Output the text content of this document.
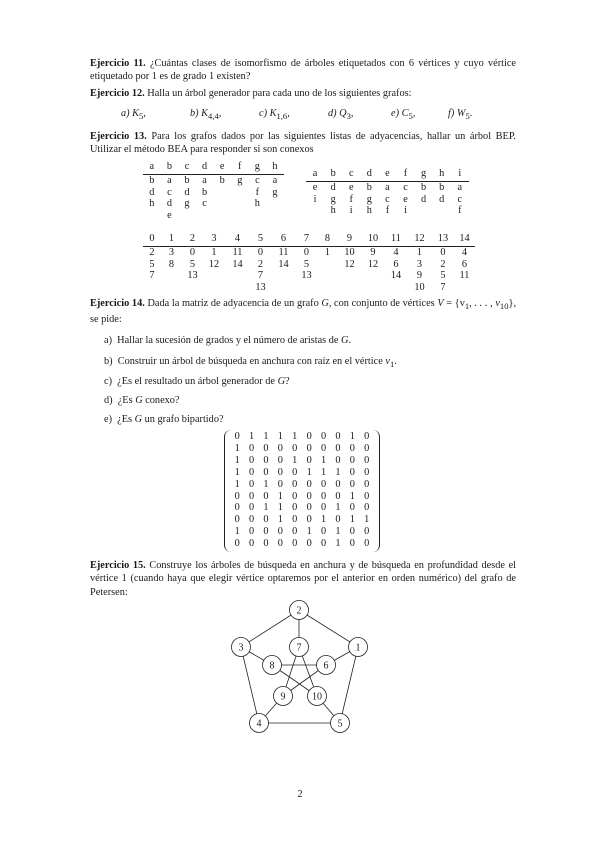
Ejercicio 11. ¿Cuántas clases de isomorfismo de árboles etiquetados con 6 vértices y cuyo vértice etiquetado por 1 es de grado 1 existen?
Ejercicio 12. Halla un árbol generador para cada uno de los siguientes grafos:
a) $K_5$,	b) $K_{4,4}$,	c) $K_{1,6}$,	d) $Q_3$,	e) $C_5$,	f) $W_5$.
Ejercicio 13. Para los grafos dados por las siguientes listas de adyacencias, hallar un árbol BEP. Utilizar el método BEA para responder si son conexos
a	b	c	d	e	f	g	h
b	a	b	a	b	g	c	a
d	c	d	b			f	g
h	d	g	c			h	
	e						
a	b	c	d	e	f	g	h	i
e	d	e	b	a	c	b	b	a
i	g	f	g	c	e	d	d	c
	h	i	h	f	i			f
0	1	2	3	4	5	6	7	8	9	10	11	12	13	14
2	3	0	1	11	0	11	0	1	10	9	4	1	0	4
5	8	5	12	14	2	14	5		12	12	6	3	2	6
7		13			7		13				14	9	5	11
					13							10	7	
Ejercicio 14. Dada la matriz de adyacencia de un grafo G, con conjunto de vértices $V = \{v_1$, . . . , $v_{10}$}, se pide:
a) Hallar la sucesión de grados y el número de aristas de G.
b) Construir un árbol de búsqueda en anchura con raíz en el vértice $v_1$.
c) ¿Es el resultado un árbol generador de G?
d) ¿Es G conexo?
e) ¿Es G un grafo bipartido?
0	1	1	1	1	0	0	0	1	0
1	0	0	0	0	0	0	0	0	0
1	0	0	0	1	0	1	0	0	0
1	0	0	0	0	1	1	1	0	0
1	0	1	0	0	0	0	0	0	0
0	0	0	1	0	0	0	0	1	0
0	0	1	1	0	0	0	1	0	0
0	0	0	1	0	0	1	0	1	1
1	0	0	0	0	1	0	1	0	0
0	0	0	0	0	0	0	1	0	0
Ejercicio 15. Construye los árboles de búsqueda en anchura y de búsqueda en profundidad desde el vértice 1 (cuando haya que elegir vértice optaremos por el anterior en orden numérico) del grafo de Petersen:
2
3	1
7
8	6
9	10
4	5
2
